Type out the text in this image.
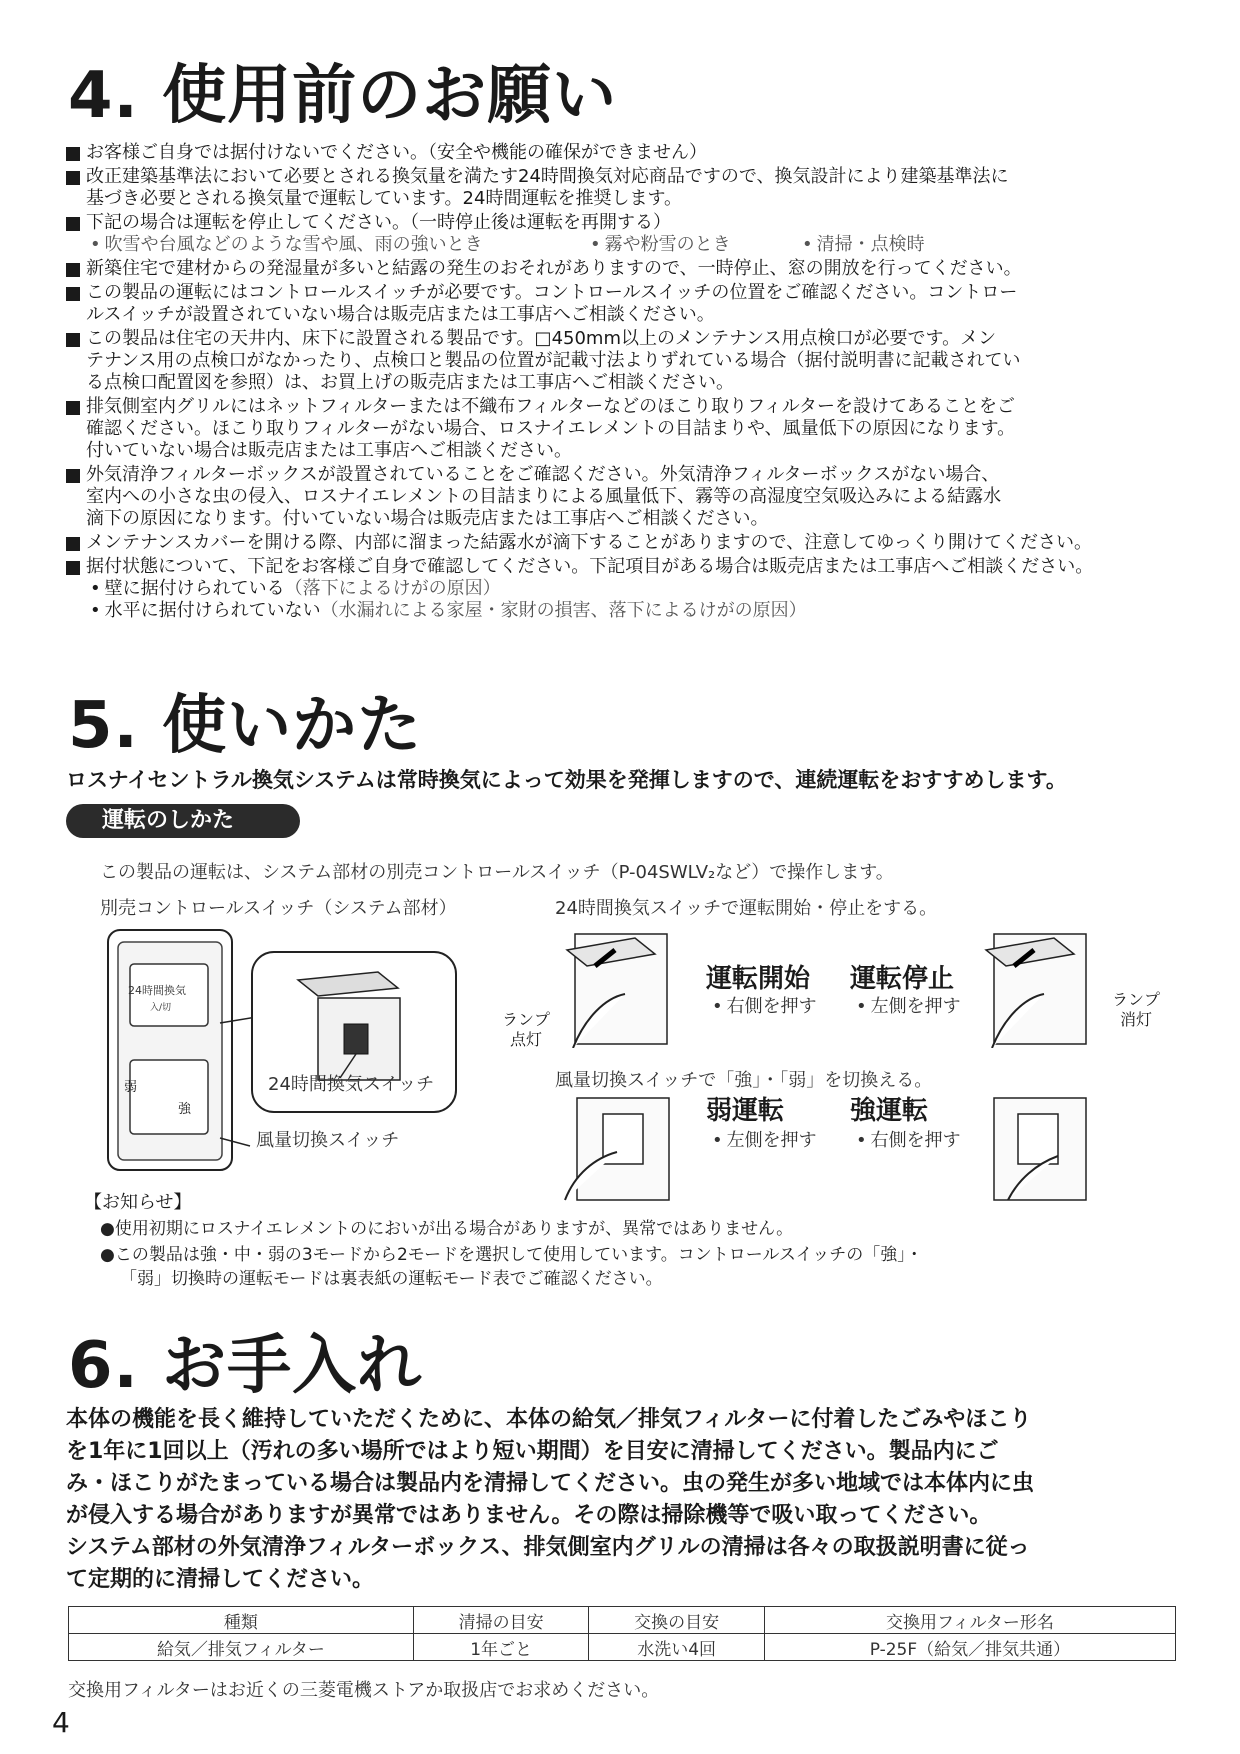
4. 使用前のお願い
お客様ご自身では据付けないでください。（安全や機能の確保ができません）
改正建築基準法において必要とされる換気量を満たす24時間換気対応商品ですので、換気設計により建築基準法に
基づき必要とされる換気量で運転しています。24時間運転を推奨します。
下記の場合は運転を停止してください。（一時停止後は運転を再開する）
• 吹雪や台風などのような雪や風、雨の強いとき	• 霧や粉雪のとき	• 清掃・点検時
新築住宅で建材からの発湿量が多いと結露の発生のおそれがありますので、一時停止、窓の開放を行ってください。
この製品の運転にはコントロールスイッチが必要です。コントロールスイッチの位置をご確認ください。コントロー
ルスイッチが設置されていない場合は販売店または工事店へご相談ください。
この製品は住宅の天井内、床下に設置される製品です。□450mm以上のメンテナンス用点検口が必要です。メン
テナンス用の点検口がなかったり、点検口と製品の位置が記載寸法よりずれている場合（据付説明書に記載されてい
る点検口配置図を参照）は、お買上げの販売店または工事店へご相談ください。
排気側室内グリルにはネットフィルターまたは不織布フィルターなどのほこり取りフィルターを設けてあることをご
確認ください。ほこり取りフィルターがない場合、ロスナイエレメントの目詰まりや、風量低下の原因になります。
付いていない場合は販売店または工事店へご相談ください。
外気清浄フィルターボックスが設置されていることをご確認ください。外気清浄フィルターボックスがない場合、
室内への小さな虫の侵入、ロスナイエレメントの目詰まりによる風量低下、霧等の高湿度空気吸込みによる結露水
滴下の原因になります。付いていない場合は販売店または工事店へご相談ください。
メンテナンスカバーを開ける際、内部に溜まった結露水が滴下することがありますので、注意してゆっくり開けてください。
据付状態について、下記をお客様ご自身で確認してください。下記項目がある場合は販売店または工事店へご相談ください。
• 壁に据付けられている（落下によるけがの原因）
• 水平に据付けられていない（水漏れによる家屋・家財の損害、落下によるけがの原因）
5. 使いかた
ロスナイセントラル換気システムは常時換気によって効果を発揮しますので、連続運転をおすすめします。
運転のしかた
この製品の運転は、システム部材の別売コントロールスイッチ（P-04SWLV₂など）で操作します。
別売コントロールスイッチ（システム部材）	24時間換気スイッチで運転開始・停止をする。
24時間換気
入/切
弱
強
24時間換気スイッチ
風量切換スイッチ
ランプ
点灯
運転開始
• 右側を押す
運転停止
• 左側を押す	ランプ
消灯
風量切換スイッチで「強」・「弱」を切換える。
弱運転
• 左側を押す
強運転
• 右側を押す
【お知らせ】
●使用初期にロスナイエレメントのにおいが出る場合がありますが、異常ではありません。
●この製品は強・中・弱の3モードから2モードを選択して使用しています。コントロールスイッチの「強」・
「弱」切換時の運転モードは裏表紙の運転モード表でご確認ください。
6. お手入れ
本体の機能を長く維持していただくために、本体の給気／排気フィルターに付着したごみやほこり
を1年に1回以上（汚れの多い場所ではより短い期間）を目安に清掃してください。製品内にご
み・ほこりがたまっている場合は製品内を清掃してください。虫の発生が多い地域では本体内に虫
が侵入する場合がありますが異常ではありません。その際は掃除機等で吸い取ってください。
システム部材の外気清浄フィルターボックス、排気側室内グリルの清掃は各々の取扱説明書に従っ
て定期的に清掃してください。
種類	清掃の目安	交換の目安	交換用フィルター形名
給気／排気フィルター	1年ごと	水洗い4回	P-25F（給気／排気共通）
交換用フィルターはお近くの三菱電機ストアか取扱店でお求めください。
4
